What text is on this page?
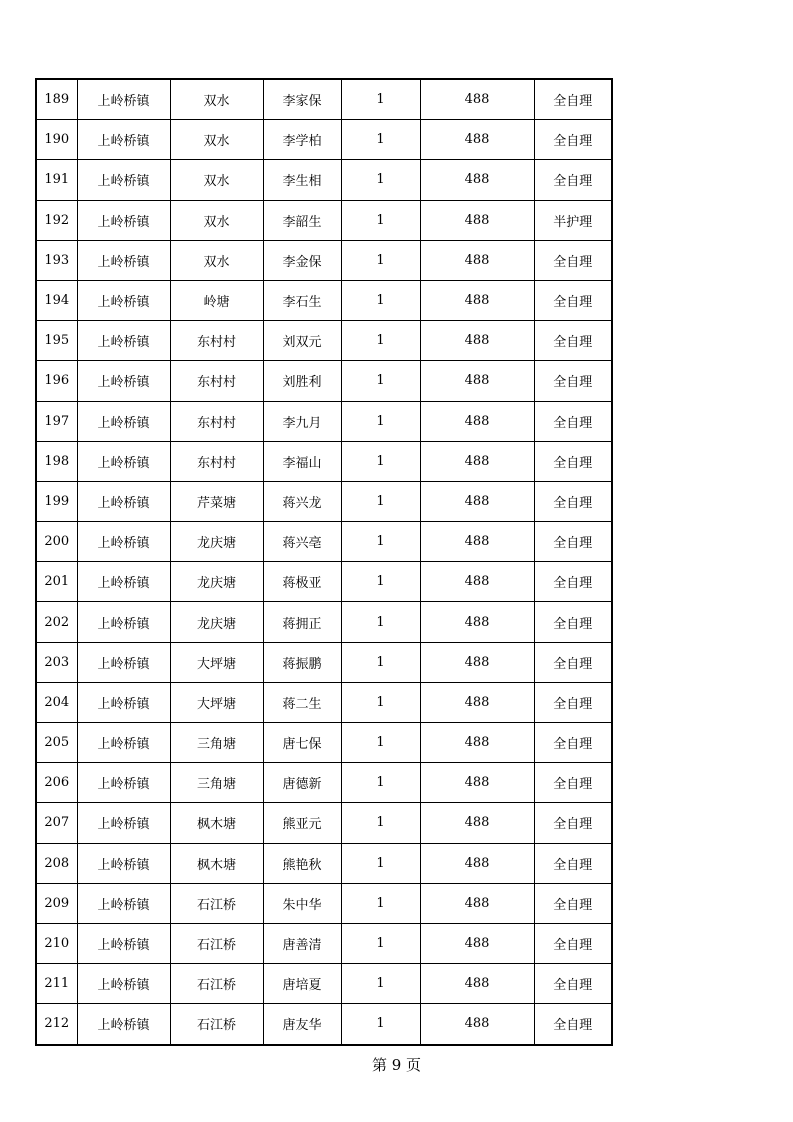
189	上岭桥镇	双水	李家保	1	488	全自理
190	上岭桥镇	双水	李学柏	1	488	全自理
191	上岭桥镇	双水	李生相	1	488	全自理
192	上岭桥镇	双水	李韶生	1	488	半护理
193	上岭桥镇	双水	李金保	1	488	全自理
194	上岭桥镇	岭塘	李石生	1	488	全自理
195	上岭桥镇	东村村	刘双元	1	488	全自理
196	上岭桥镇	东村村	刘胜利	1	488	全自理
197	上岭桥镇	东村村	李九月	1	488	全自理
198	上岭桥镇	东村村	李福山	1	488	全自理
199	上岭桥镇	芹菜塘	蒋兴龙	1	488	全自理
200	上岭桥镇	龙庆塘	蒋兴亳	1	488	全自理
201	上岭桥镇	龙庆塘	蒋极亚	1	488	全自理
202	上岭桥镇	龙庆塘	蒋拥正	1	488	全自理
203	上岭桥镇	大坪塘	蒋振鹏	1	488	全自理
204	上岭桥镇	大坪塘	蒋二生	1	488	全自理
205	上岭桥镇	三角塘	唐七保	1	488	全自理
206	上岭桥镇	三角塘	唐德新	1	488	全自理
207	上岭桥镇	枫木塘	熊亚元	1	488	全自理
208	上岭桥镇	枫木塘	熊艳秋	1	488	全自理
209	上岭桥镇	石江桥	朱中华	1	488	全自理
210	上岭桥镇	石江桥	唐善清	1	488	全自理
211	上岭桥镇	石江桥	唐培夏	1	488	全自理
212	上岭桥镇	石江桥	唐友华	1	488	全自理
第 9 页
